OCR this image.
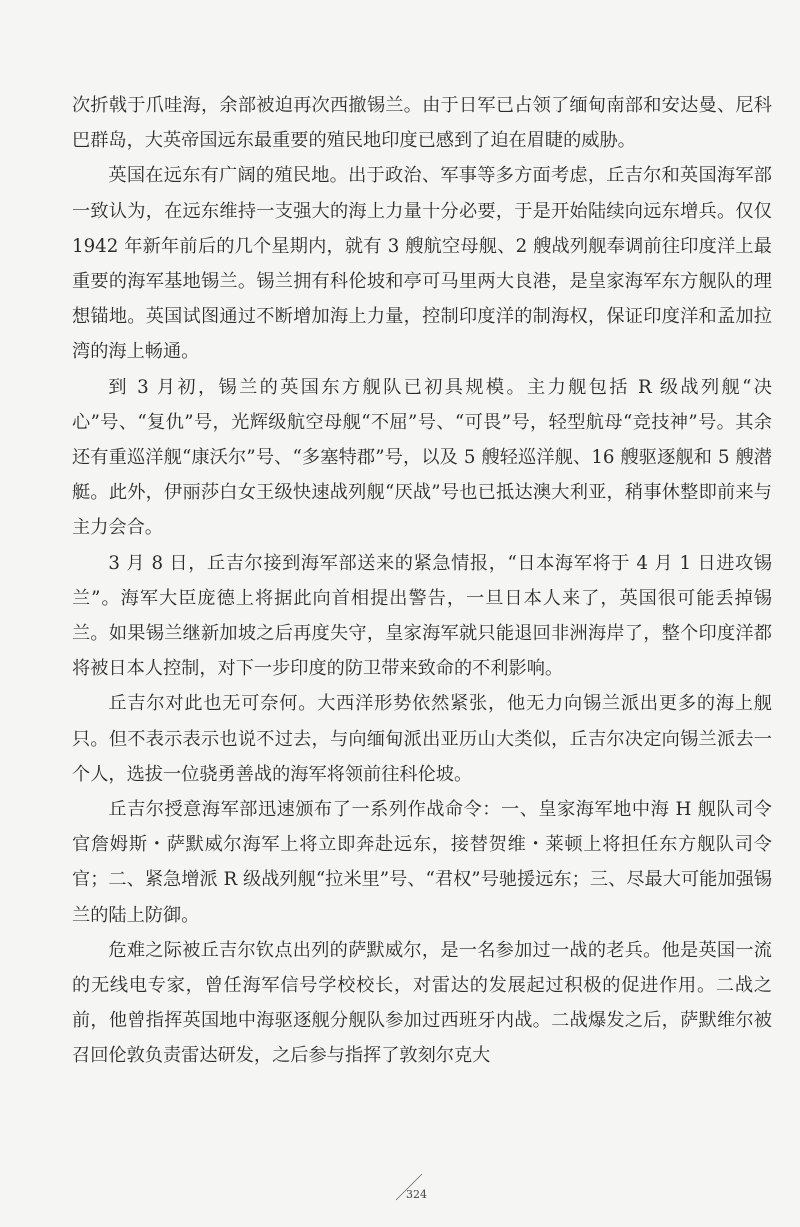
次折戟于爪哇海，余部被迫再次西撤锡兰。由于日军已占领了缅甸南部和安达曼、尼科巴群岛，大英帝国远东最重要的殖民地印度已感到了迫在眉睫的威胁。

英国在远东有广阔的殖民地。出于政治、军事等多方面考虑，丘吉尔和英国海军部一致认为，在远东维持一支强大的海上力量十分必要，于是开始陆续向远东增兵。仅仅 1942 年新年前后的几个星期内，就有 3 艘航空母舰、2 艘战列舰奉调前往印度洋上最重要的海军基地锡兰。锡兰拥有科伦坡和亭可马里两大良港，是皇家海军东方舰队的理想锚地。英国试图通过不断增加海上力量，控制印度洋的制海权，保证印度洋和孟加拉湾的海上畅通。

到 3 月初，锡兰的英国东方舰队已初具规模。主力舰包括 R 级战列舰“决心”号、“复仇”号，光辉级航空母舰“不屈”号、“可畏”号，轻型航母“竞技神”号。其余还有重巡洋舰“康沃尔”号、“多塞特郡”号，以及 5 艘轻巡洋舰、16 艘驱逐舰和 5 艘潜艇。此外，伊丽莎白女王级快速战列舰“厌战”号也已抵达澳大利亚，稍事休整即前来与主力会合。

3 月 8 日，丘吉尔接到海军部送来的紧急情报，“日本海军将于 4 月 1 日进攻锡兰”。海军大臣庞德上将据此向首相提出警告，一旦日本人来了，英国很可能丢掉锡兰。如果锡兰继新加坡之后再度失守，皇家海军就只能退回非洲海岸了，整个印度洋都将被日本人控制，对下一步印度的防卫带来致命的不利影响。

丘吉尔对此也无可奈何。大西洋形势依然紧张，他无力向锡兰派出更多的海上舰只。但不表示表示也说不过去，与向缅甸派出亚历山大类似，丘吉尔决定向锡兰派去一个人，选拔一位骁勇善战的海军将领前往科伦坡。

丘吉尔授意海军部迅速颁布了一系列作战命令：一、皇家海军地中海 H 舰队司令官詹姆斯・萨默威尔海军上将立即奔赴远东，接替贺维・莱顿上将担任东方舰队司令官；二、紧急增派 R 级战列舰“拉米里”号、“君权”号驰援远东；三、尽最大可能加强锡兰的陆上防御。

危难之际被丘吉尔钦点出列的萨默威尔，是一名参加过一战的老兵。他是英国一流的无线电专家，曾任海军信号学校校长，对雷达的发展起过积极的促进作用。二战之前，他曾指挥英国地中海驱逐舰分舰队参加过西班牙内战。二战爆发之后，萨默维尔被召回伦敦负责雷达研发，之后参与指挥了敦刻尔克大

324
